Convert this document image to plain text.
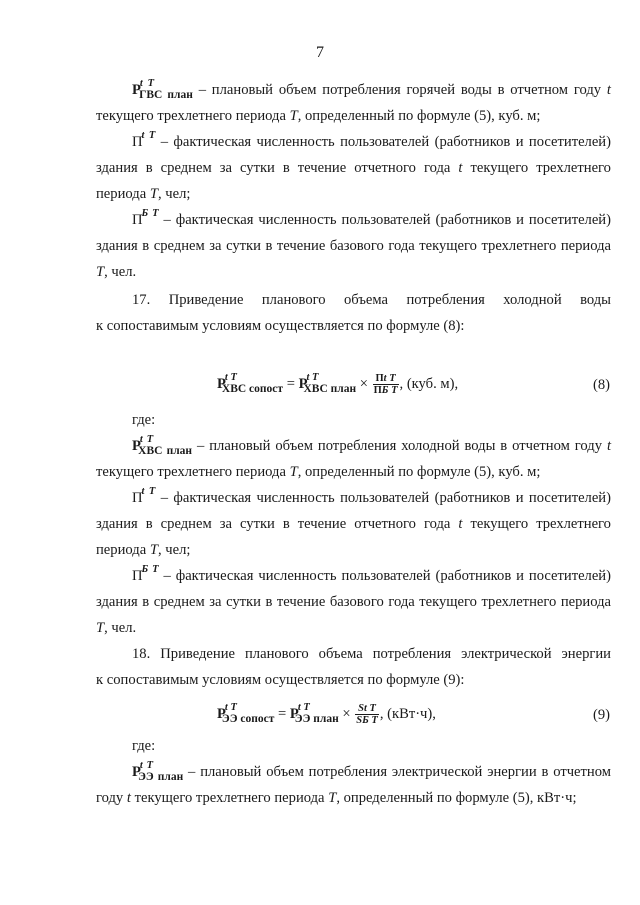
7
$P^{t T}_{ГВС план}$ – плановый объем потребления горячей воды в отчетном году t
текущего трехлетнего периода T, определенный по формуле (5), куб. м;
$П^{t T}$ – фактическая численность пользователей (работников и посетителей)
здания в среднем за сутки в течение отчетного года t текущего трехлетнего
периода T, чел;
$П^{Б T}$ – фактическая численность пользователей (работников и посетителей)
здания в среднем за сутки в течение базового года текущего трехлетнего периода
T, чел.
17. Приведение планового объема потребления холодной воды
к сопоставимым условиям осуществляется по формуле (8):
$P^{t T}_{ХВС сопост} = P^{t T}_{ХВС план} \times \frac{\text{Пt T}}{\text{ПБ T}}$ , (куб. м),	(8)
где:
$P^{t T}_{ХВС план}$ – плановый объем потребления холодной воды в отчетном году t
текущего трехлетнего периода T, определенный по формуле (5), куб. м;
$П^{t T}$ – фактическая численность пользователей (работников и посетителей)
здания в среднем за сутки в течение отчетного года t текущего трехлетнего
периода T, чел;
$П^{Б T}$ – фактическая численность пользователей (работников и посетителей)
здания в среднем за сутки в течение базового года текущего трехлетнего периода
T, чел.
18. Приведение планового объема потребления электрической энергии
к сопоставимым условиям осуществляется по формуле (9):
$P^{t T}_{ЭЭ сопост} = P^{t T}_{ЭЭ план} \times \frac{\text{St T}}{\text{SБ T}}$ , (кВт·ч),	(9)
где:
$P^{t T}_{ЭЭ план}$ – плановый объем потребления электрической энергии в отчетном
году t текущего трехлетнего периода T, определенный по формуле (5), кВт·ч;
